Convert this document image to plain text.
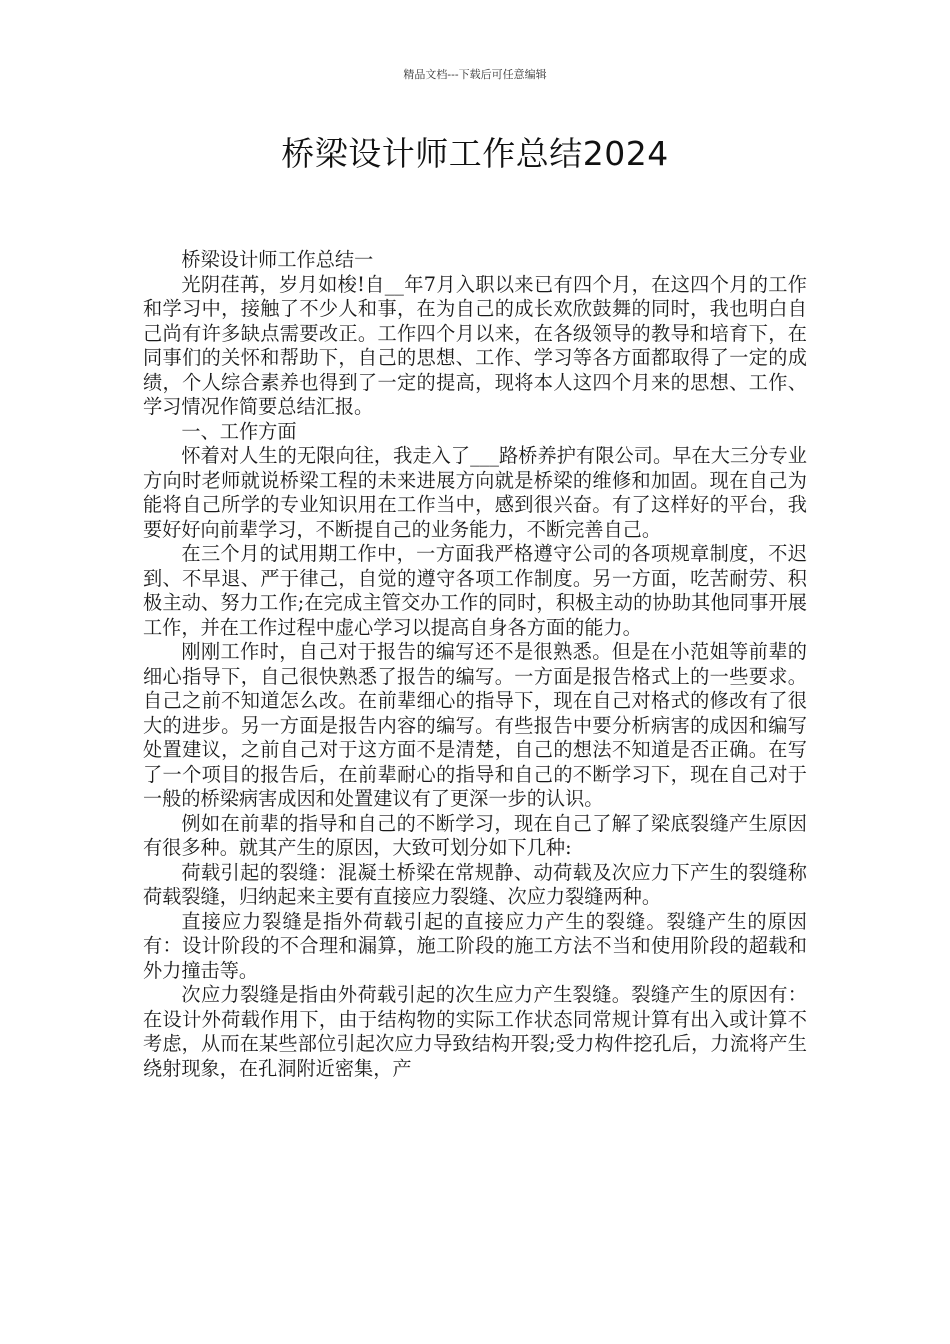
精品文档---下载后可任意编辑
桥梁设计师工作总结2024

桥梁设计师工作总结一

光阴荏苒，岁月如梭!自__年7月入职以来已有四个月，在这四个月的工作和学习中，接触了不少人和事，在为自己的成长欢欣鼓舞的同时，我也明白自己尚有许多缺点需要改正。工作四个月以来，在各级领导的教导和培育下，在同事们的关怀和帮助下，自己的思想、工作、学习等各方面都取得了一定的成绩，个人综合素养也得到了一定的提高，现将本人这四个月来的思想、工作、学习情况作简要总结汇报。

一、工作方面

怀着对人生的无限向往，我走入了___路桥养护有限公司。早在大三分专业方向时老师就说桥梁工程的未来进展方向就是桥梁的维修和加固。现在自己为能将自己所学的专业知识用在工作当中，感到很兴奋。有了这样好的平台，我要好好向前辈学习，不断提自己的业务能力，不断完善自己。

在三个月的试用期工作中，一方面我严格遵守公司的各项规章制度，不迟到、不早退、严于律己，自觉的遵守各项工作制度。另一方面，吃苦耐劳、积极主动、努力工作;在完成主管交办工作的同时，积极主动的协助其他同事开展工作，并在工作过程中虚心学习以提高自身各方面的能力。

刚刚工作时，自己对于报告的编写还不是很熟悉。但是在小范姐等前辈的细心指导下，自己很快熟悉了报告的编写。一方面是报告格式上的一些要求。自己之前不知道怎么改。在前辈细心的指导下，现在自己对格式的修改有了很大的进步。另一方面是报告内容的编写。有些报告中要分析病害的成因和编写处置建议，之前自己对于这方面不是清楚，自己的想法不知道是否正确。在写了一个项目的报告后，在前辈耐心的指导和自己的不断学习下，现在自己对于一般的桥梁病害成因和处置建议有了更深一步的认识。

例如在前辈的指导和自己的不断学习，现在自己了解了梁底裂缝产生原因有很多种。就其产生的原因，大致可划分如下几种:

荷载引起的裂缝：混凝土桥梁在常规静、动荷载及次应力下产生的裂缝称荷载裂缝，归纳起来主要有直接应力裂缝、次应力裂缝两种。

直接应力裂缝是指外荷载引起的直接应力产生的裂缝。裂缝产生的原因有：设计阶段的不合理和漏算，施工阶段的施工方法不当和使用阶段的超载和外力撞击等。

次应力裂缝是指由外荷载引起的次生应力产生裂缝。裂缝产生的原因有：在设计外荷载作用下，由于结构物的实际工作状态同常规计算有出入或计算不考虑，从而在某些部位引起次应力导致结构开裂;受力构件挖孔后，力流将产生绕射现象，在孔洞附近密集，产
